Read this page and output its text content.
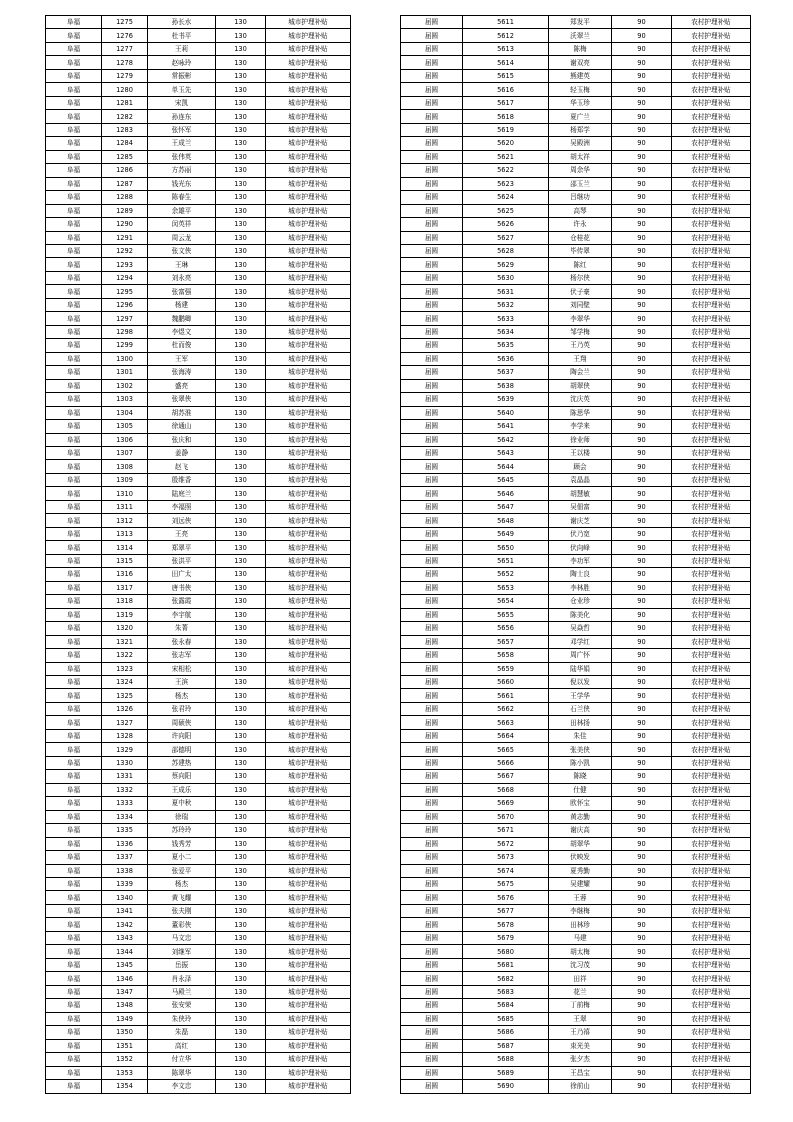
阜福	1275	孙长水	130	城市护理补贴
阜福	1276	杜书平	130	城市护理补贴
阜福	1277	王莉	130	城市护理补贴
阜福	1278	赵咏玲	130	城市护理补贴
阜福	1279	常振彬	130	城市护理补贴
阜福	1280	单玉先	130	城市护理补贴
阜福	1281	宋凯	130	城市护理补贴
阜福	1282	孙连东	130	城市护理补贴
阜福	1283	张怀军	130	城市护理补贴
阜福	1284	王成兰	130	城市护理补贴
阜福	1285	张伟英	130	城市护理补贴
阜福	1286	方苏丽	130	城市护理补贴
阜福	1287	钱光东	130	城市护理补贴
阜福	1288	陈春生	130	城市护理补贴
阜福	1289	余雄平	130	城市护理补贴
阜福	1290	闵英祥	130	城市护理补贴
阜福	1291	周云龙	130	城市护理补贴
阜福	1292	张文侠	130	城市护理补贴
阜福	1293	王琳	130	城市护理补贴
阜福	1294	刘永亮	130	城市护理补贴
阜福	1295	张富强	130	城市护理补贴
阜福	1296	杨建	130	城市护理补贴
阜福	1297	魏鹏卿	130	城市护理补贴
阜福	1298	李煜文	130	城市护理补贴
阜福	1299	杜而俊	130	城市护理补贴
阜福	1300	王军	130	城市护理补贴
阜福	1301	张海涛	130	城市护理补贴
阜福	1302	盛亮	130	城市护理补贴
阜福	1303	张翠侠	130	城市护理补贴
阜福	1304	胡苏淮	130	城市护理补贴
阜福	1305	徐通山	130	城市护理补贴
阜福	1306	张庆和	130	城市护理补贴
阜福	1307	姜静	130	城市护理补贴
阜福	1308	赵飞	130	城市护理补贴
阜福	1309	殷维香	130	城市护理补贴
阜福	1310	陆庭兰	130	城市护理补贴
阜福	1311	李福照	130	城市护理补贴
阜福	1312	刘远侠	130	城市护理补贴
阜福	1313	王亮	130	城市护理补贴
阜福	1314	郑翠平	130	城市护理补贴
阜福	1315	张洪平	130	城市护理补贴
阜福	1316	田广太	130	城市护理补贴
阜福	1317	唐书侠	130	城市护理补贴
阜福	1318	张露霞	130	城市护理补贴
阜福	1319	李宇航	130	城市护理补贴
阜福	1320	朱菁	130	城市护理补贴
阜福	1321	张永春	130	城市护理补贴
阜福	1322	张志军	130	城市护理补贴
阜福	1323	宋相松	130	城市护理补贴
阜福	1324	王滨	130	城市护理补贴
阜福	1325	杨杰	130	城市护理补贴
阜福	1326	张君玲	130	城市护理补贴
阜福	1327	周硕侠	130	城市护理补贴
阜福	1328	许向阳	130	城市护理补贴
阜福	1329	邵德明	130	城市护理补贴
阜福	1330	苏建热	130	城市护理补贴
阜福	1331	蔡向阳	130	城市护理补贴
阜福	1332	王成乐	130	城市护理补贴
阜福	1333	夏中秋	130	城市护理补贴
阜福	1334	徐瑞	130	城市护理补贴
阜福	1335	苏玲玲	130	城市护理补贴
阜福	1336	钱秀芳	130	城市护理补贴
阜福	1337	夏小二	130	城市护理补贴
阜福	1338	张爱平	130	城市护理补贴
阜福	1339	杨杰	130	城市护理补贴
阜福	1340	黄飞耀	130	城市护理补贴
阜福	1341	张夫刚	130	城市护理补贴
阜福	1342	董彩侠	130	城市护理补贴
阜福	1343	马文忠	130	城市护理补贴
阜福	1344	刘继军	130	城市护理补贴
阜福	1345	岳振	130	城市护理补贴
阜福	1346	肖永泽	130	城市护理补贴
阜福	1347	马殿兰	130	城市护理补贴
阜福	1348	张安荣	130	城市护理补贴
阜福	1349	朱侠玲	130	城市护理补贴
阜福	1350	朱磊	130	城市护理补贴
阜福	1351	高红	130	城市护理补贴
阜福	1352	付立华	130	城市护理补贴
阜福	1353	陈翠华	130	城市护理补贴
阜福	1354	李文忠	130	城市护理补贴
届圆	5611	郑发平	90	农村护理补贴
届圆	5612	沃翠兰	90	农村护理补贴
届圆	5613	陈梅	90	农村护理补贴
届圆	5614	谢双亮	90	农村护理补贴
届圆	5615	熊建英	90	农村护理补贴
届圆	5616	轻玉梅	90	农村护理补贴
届圆	5617	华玉珍	90	农村护理补贴
届圆	5618	夏广兰	90	农村护理补贴
届圆	5619	杨郑学	90	农村护理补贴
届圆	5620	吴殿洲	90	农村护理补贴
届圆	5621	胡太祥	90	农村护理补贴
届圆	5622	周余华	90	农村护理补贴
届圆	5623	邵玉兰	90	农村护理补贴
届圆	5624	吕继功	90	农村护理补贴
届圆	5625	高琴	90	农村护理补贴
届圆	5626	许永	90	农村护理补贴
届圆	5627	仓桂花	90	农村护理补贴
届圆	5628	毕传翠	90	农村护理补贴
届圆	5629	陈红	90	农村护理补贴
届圆	5630	杨尔侠	90	农村护理补贴
届圆	5631	伏子豪	90	农村护理补贴
届圆	5632	刘同壁	90	农村护理补贴
届圆	5633	李翠华	90	农村护理补贴
届圆	5634	邹学梅	90	农村护理补贴
届圆	5635	王乃英	90	农村护理补贴
届圆	5636	王翔	90	农村护理补贴
届圆	5637	陶会兰	90	农村护理补贴
届圆	5638	胡翠侠	90	农村护理补贴
届圆	5639	沈庆英	90	农村护理补贴
届圆	5640	陈思华	90	农村护理补贴
届圆	5641	李学来	90	农村护理补贴
届圆	5642	徐业师	90	农村护理补贴
届圆	5643	王以楼	90	农村护理补贴
届圆	5644	顾会	90	农村护理补贴
届圆	5645	袁晶晶	90	农村护理补贴
届圆	5646	胡慧敏	90	农村护理补贴
届圆	5647	吴佃富	90	农村护理补贴
届圆	5648	谢庆芝	90	农村护理补贴
届圆	5649	伏乃宽	90	农村护理补贴
届圆	5650	伏向峰	90	农村护理补贴
届圆	5651	李功军	90	农村护理补贴
届圆	5652	陶士良	90	农村护理补贴
届圆	5653	李林胜	90	农村护理补贴
届圆	5654	仓业珍	90	农村护理补贴
届圆	5655	陈美化	90	农村护理补贴
届圆	5656	吴焱哲	90	农村护理补贴
届圆	5657	邓学红	90	农村护理补贴
届圆	5658	周广怀	90	农村护理补贴
届圆	5659	陆华娟	90	农村护理补贴
届圆	5660	倪以发	90	农村护理补贴
届圆	5661	王学华	90	农村护理补贴
届圆	5662	石兰侠	90	农村护理补贴
届圆	5663	田林扬	90	农村护理补贴
届圆	5664	朱佳	90	农村护理补贴
届圆	5665	张美侠	90	农村护理补贴
届圆	5666	陈小凯	90	农村护理补贴
届圆	5667	陈晓	90	农村护理补贴
届圆	5668	仕健	90	农村护理补贴
届圆	5669	欧怀宝	90	农村护理补贴
届圆	5670	黄志勤	90	农村护理补贴
届圆	5671	谢庆高	90	农村护理补贴
届圆	5672	胡翠华	90	农村护理补贴
届圆	5673	伏映发	90	农村护理补贴
届圆	5674	夏秀勤	90	农村护理补贴
届圆	5675	吴建耀	90	农村护理补贴
届圆	5676	王蓉	90	农村护理补贴
届圆	5677	李继梅	90	农村护理补贴
届圆	5678	田林珍	90	农村护理补贴
届圆	5679	马建	90	农村护理补贴
届圆	5680	胡太梅	90	农村护理补贴
届圆	5681	沈习茂	90	农村护理补贴
届圆	5682	田祥	90	农村护理补贴
届圆	5683	花兰	90	农村护理补贴
届圆	5684	丁前梅	90	农村护理补贴
届圆	5685	王翠	90	农村护理补贴
届圆	5686	王乃禧	90	农村护理补贴
届圆	5687	束光美	90	农村护理补贴
届圆	5688	张夕杰	90	农村护理补贴
届圆	5689	王昌宝	90	农村护理补贴
届圆	5690	徐前山	90	农村护理补贴
